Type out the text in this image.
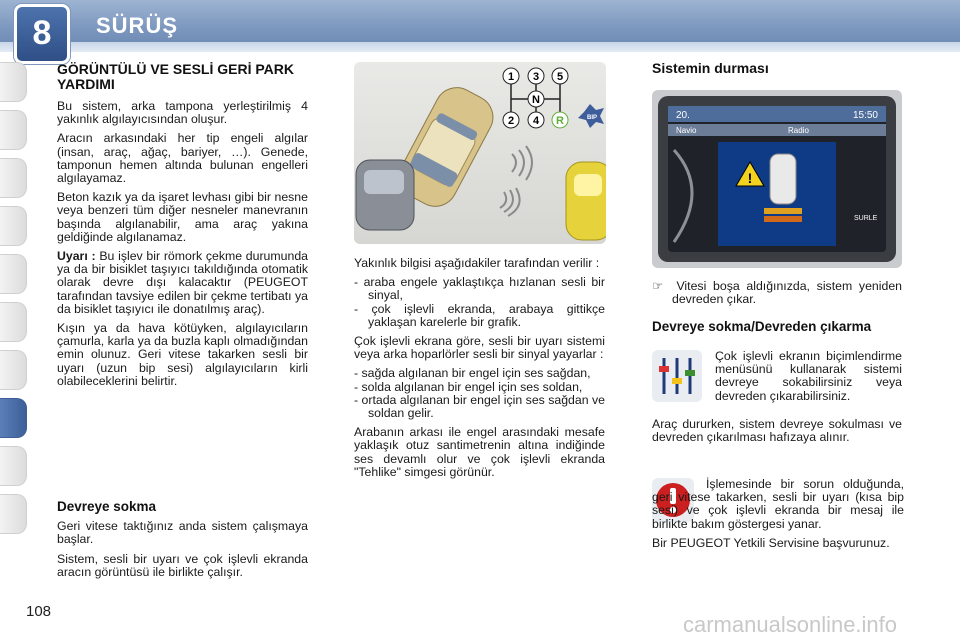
8	SÜRÜŞ
GÖRÜNTÜLÜ VE SESLİ GERİ PARK YARDIMI

Bu sistem, arka tampona yerleştirilmiş 4 yakınlık algılayıcısından oluşur.

Aracın arkasındaki her tip engeli algılar (insan, araç, ağaç, bariyer, …). Genede, tamponun hemen altında bulunan engelleri algılayamaz.

Beton kazık ya da işaret levhası gibi bir nesne veya benzeri tüm diğer nesneler manevranın başında algılanabilir, ama araç yakına geldiğinde algılanamaz.

Uyarı : Bu işlev bir römork çekme durumunda ya da bir bisiklet taşıyıcı takıldığında otomatik olarak devre dışı kalacaktır (PEUGEOT tarafından tavsiye edilen bir çekme tertibatı ya da bisiklet taşıyıcı ile donatılmış araç).

Kışın ya da hava kötüyken, algılayıcıların çamurla, karla ya da buzla kaplı olmadığından emin olunuz. Geri vitese takarken sesli bir uyarı (uzun bip sesi) algılayıcıların kirli olabileceklerini belirtir.

Devreye sokma

Geri vitese taktığınız anda sistem çalışmaya başlar.

Sistem, sesli bir uyarı ve çok işlevli ekranda aracın görüntüsü ile birlikte çalışır.

1 3 5
N
2 4 R	BIP

Yakınlık bilgisi aşağıdakiler tarafından verilir :

- araba engele yaklaştıkça hızlanan sesli bir sinyal,
- çok işlevli ekranda, arabaya gittikçe yaklaşan karelerle bir grafik.

Çok işlevli ekrana göre, sesli bir uyarı sistemi veya arka hoparlörler sesli bir sinyal yayarlar :

- sağda algılanan bir engel için ses sağdan,
- solda algılanan bir engel için ses soldan,
- ortada algılanan bir engel için ses sağdan ve soldan gelir.

Arabanın arkası ile engel arasındaki mesafe yaklaşık otuz santimetrenin altına indiğinde ses devamlı olur ve çok işlevli ekranda "Tehlike" simgesi görünür.

Sistemin durması
20.	15:50
Navio	Radio
!
SURLE

☞  Vitesi boşa aldığınızda, sistem yeniden devreden çıkar.

Devreye sokma/Devreden çıkarma

Çok işlevli ekranın biçimlendirme menüsünü kullanarak sistemi devreye sokabilirsiniz veya devreden çıkarabilirsiniz.

Araç dururken, sistem devreye sokulması ve devreden çıkarılması hafızaya alınır.

İşlemesinde bir sorun olduğunda, geri vitese takarken, sesli bir uyarı (kısa bip sesi) ve çok işlevli ekranda bir mesaj ile birlikte bakım göstergesi yanar.

Bir PEUGEOT Yetkili Servisine başvurunuz.

108
carmanualsonline.info
